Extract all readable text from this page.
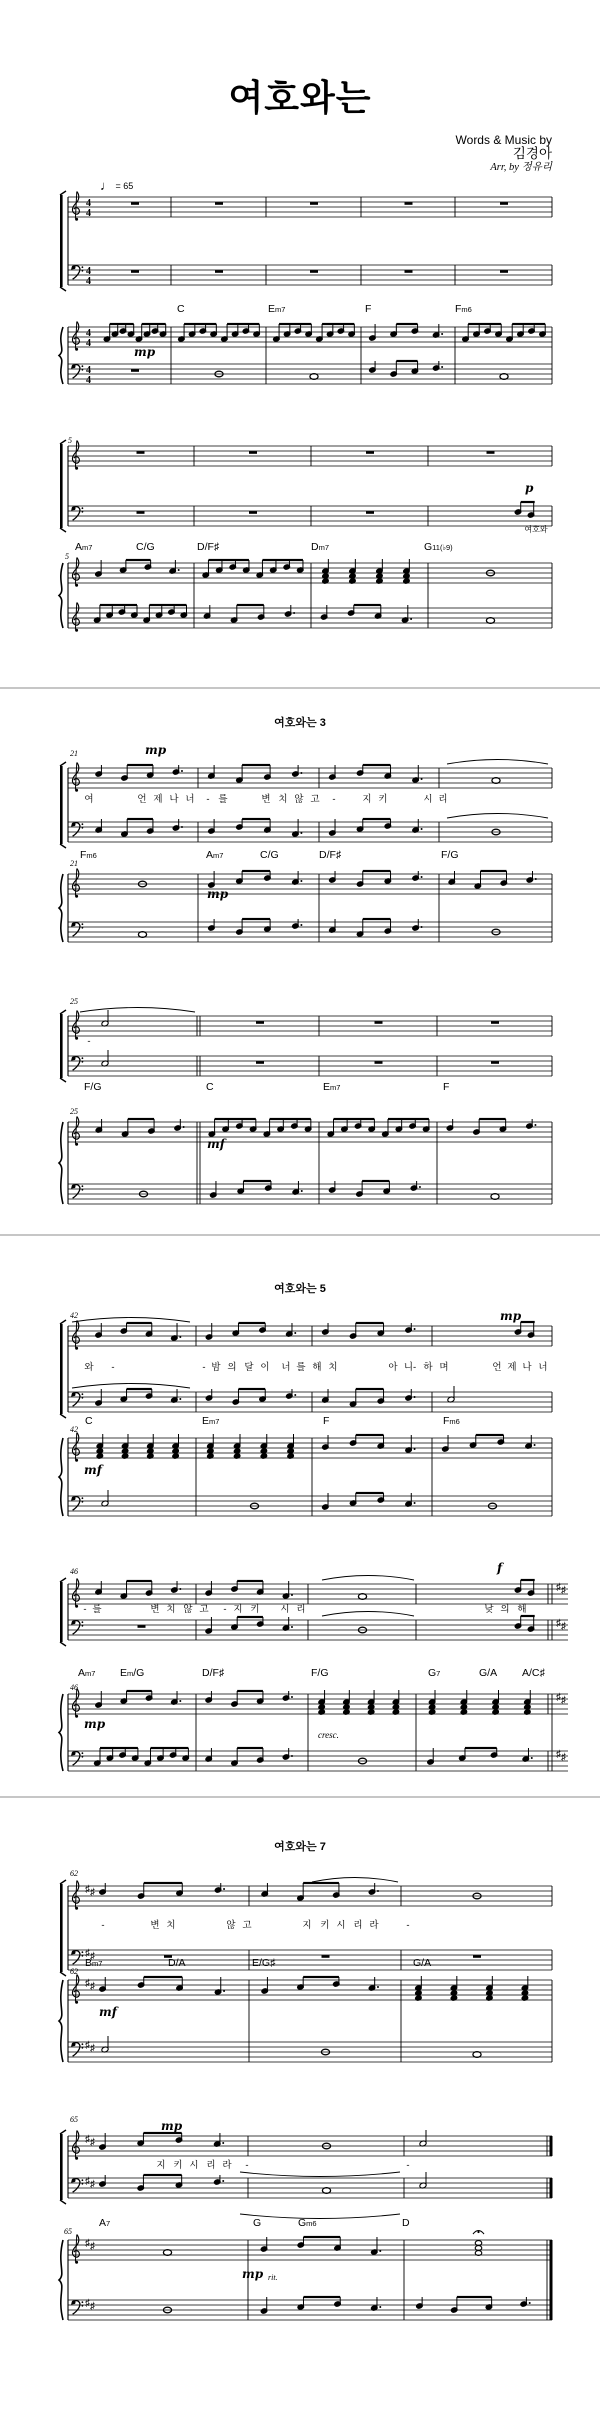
여호와는
Words & Music by
김경아
Arr, by 정유리
♩ = 65
여호와는 3
여호와는 5
여호와는 7
4
4
4
4
4
4
4
4
C	Em7	F	Fm6
mp
Am7	C/G	D/F♯	Dm7	G11(♭9)
p
여호와
5
5
Fm6	Am7	C/G	D/F♯	F/G
여	언 제 나 너 - 를	변 치 않 고 -	지 키	시 리
mp
mp
21
21
F/G	C	Em7	F
-
mf
25
25
C	Em7	F	Fm6
와 -	- 밤 의 달 이 너 를 해 치	아 니- 하 며	언 제 나 너
mp
mf
42
42
♯ ♯
♯ ♯
♯ ♯
♯ ♯
Am7 Em/G	D/F♯	F/G	G7	G/A A/C♯
- 를	변 치 않 고 - 지 키 시 리	낮 의 해
f
mp
cresc.
46
46
♯ ♯
♯ ♯
♯ ♯
♯ ♯
Bm7	D/A	E/G♯	G/A
-	변 치	않 고	지 키 시 리 라	-
mf
62
62
♯ ♯
♯ ♯
♯ ♯
♯ ♯
A7	G	Gm6	D
지 키 시 리 라 -	-
mp
mp rit.
65
65
